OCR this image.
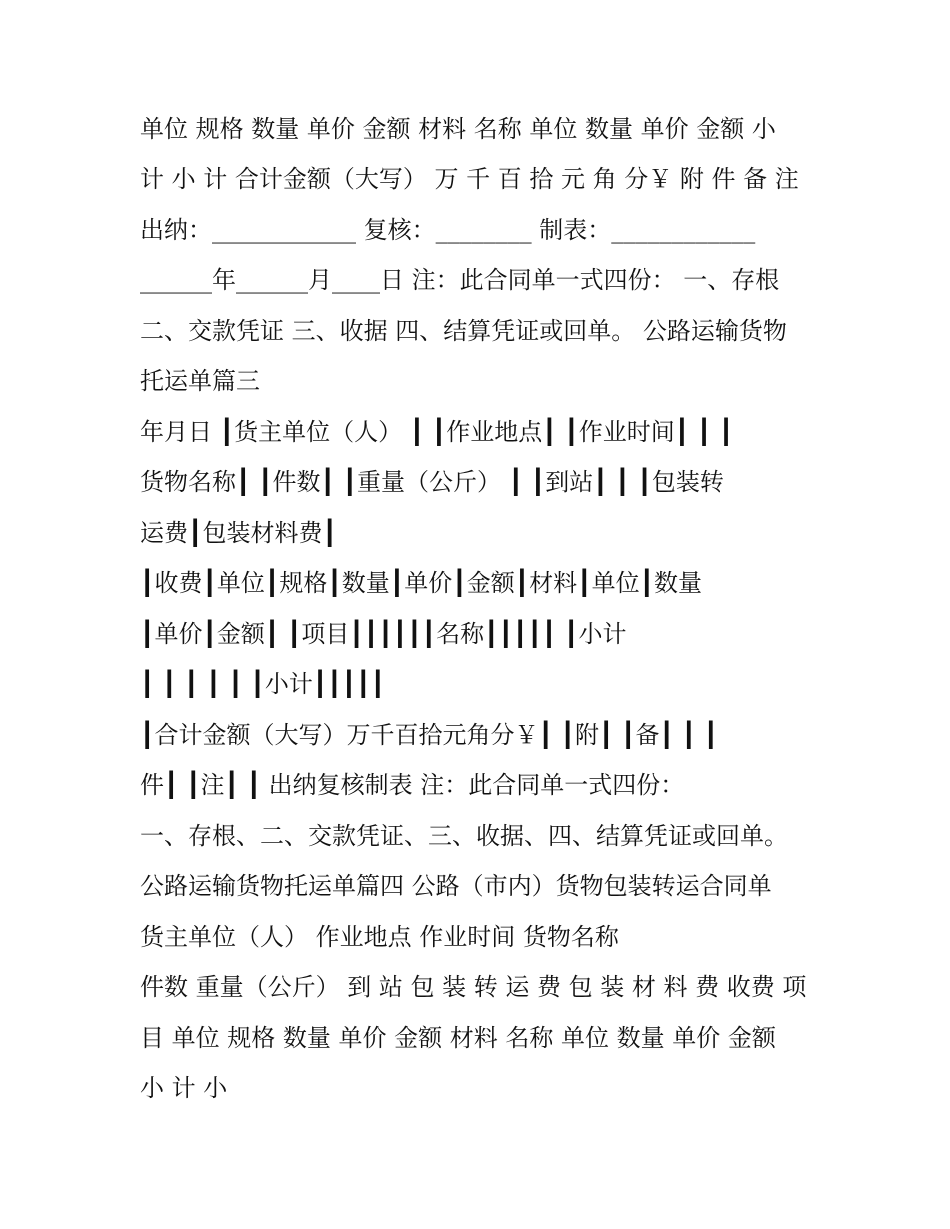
单位 规格 数量 单价 金额 材料 名称 单位 数量 单价 金额 小
计 小 计 合计金额（大写） 万 千 百 拾 元 角 分￥ 附 件 备 注
出纳：____________ 复核：________ 制表：____________
______年______月____日 注：此合同单一式四份： 一、存根
二、交款凭证 三、收据 四、结算凭证或回单。 公路运输货物
托运单篇三
年月日 ┃货主单位（人） ┃ ┃作业地点┃ ┃作业时间┃ ┃ ┃
货物名称┃ ┃件数┃ ┃重量（公斤） ┃ ┃到站┃ ┃ ┃包装转
运费┃包装材料费┃
┃收费┃单位┃规格┃数量┃单价┃金额┃材料┃单位┃数量
┃单价┃金额┃ ┃项目┃┃┃┃┃┃名称┃┃┃┃┃ ┃小计
┃ ┃ ┃ ┃ ┃ ┃小计┃┃┃┃┃
┃合计金额（大写）万千百拾元角分￥┃ ┃附┃ ┃备┃ ┃ ┃
件┃ ┃注┃ ┃ 出纳复核制表 注：此合同单一式四份：
一、存根、二、交款凭证、三、收据、四、结算凭证或回单。
公路运输货物托运单篇四 公路（市内）货物包装转运合同单
货主单位（人） 作业地点 作业时间 货物名称
件数 重量（公斤） 到 站 包 装 转 运 费 包 装 材 料 费 收费 项
目 单位 规格 数量 单价 金额 材料 名称 单位 数量 单价 金额
小 计 小
